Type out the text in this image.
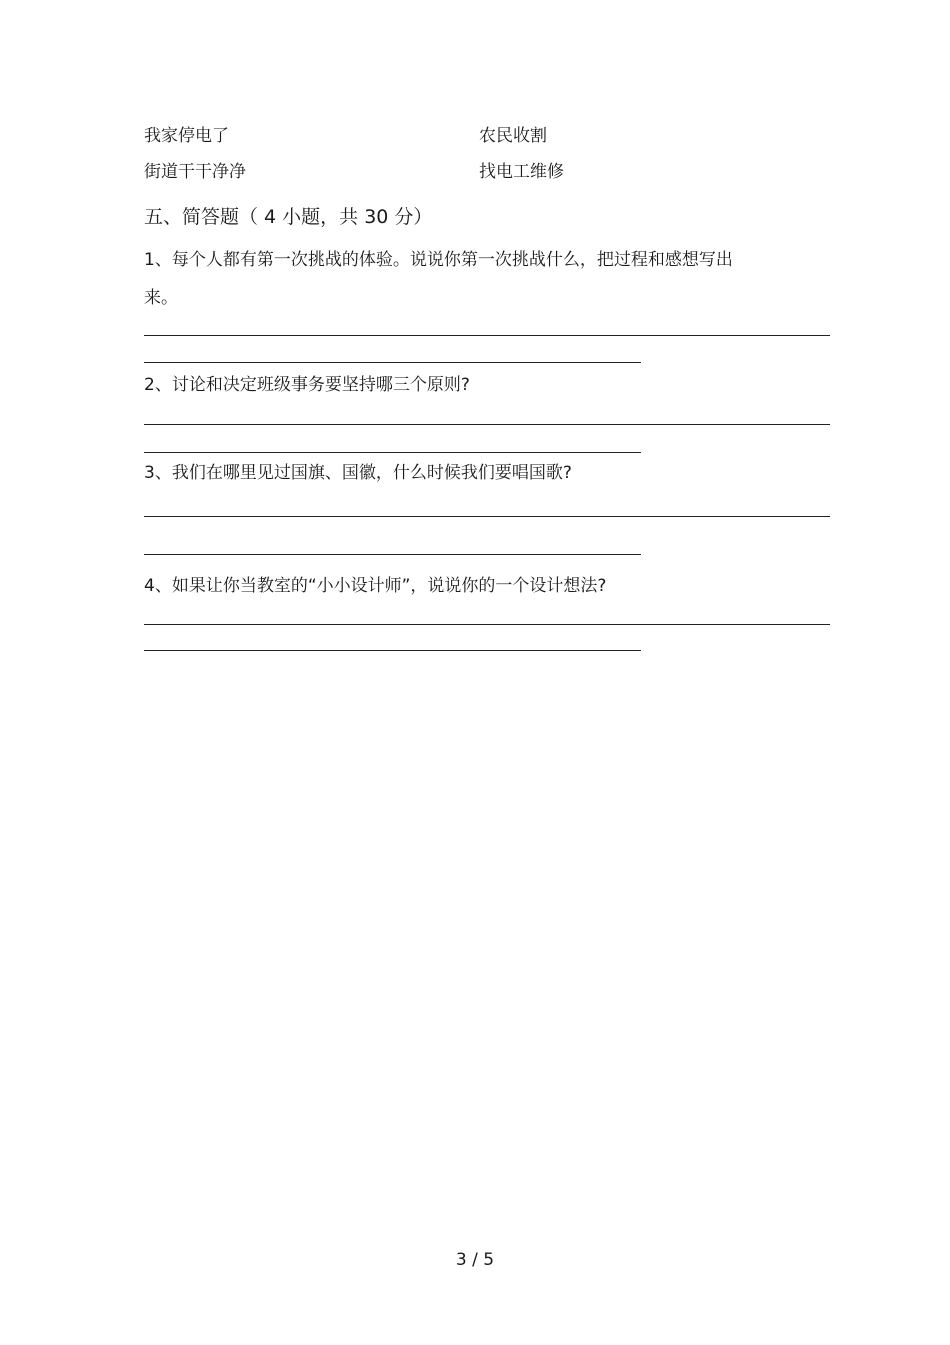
我家停电了	农民收割
街道干干净净	找电工维修
五、简答题（ 4 小题，共 30 分）
1、每个人都有第一次挑战的体验。说说你第一次挑战什么，把过程和感想写出
来。
2、讨论和决定班级事务要坚持哪三个原则?
3、我们在哪里见过国旗、国徽，什么时候我们要唱国歌?
4、如果让你当教室的“小小设计师”，说说你的一个设计想法?
3 / 5
